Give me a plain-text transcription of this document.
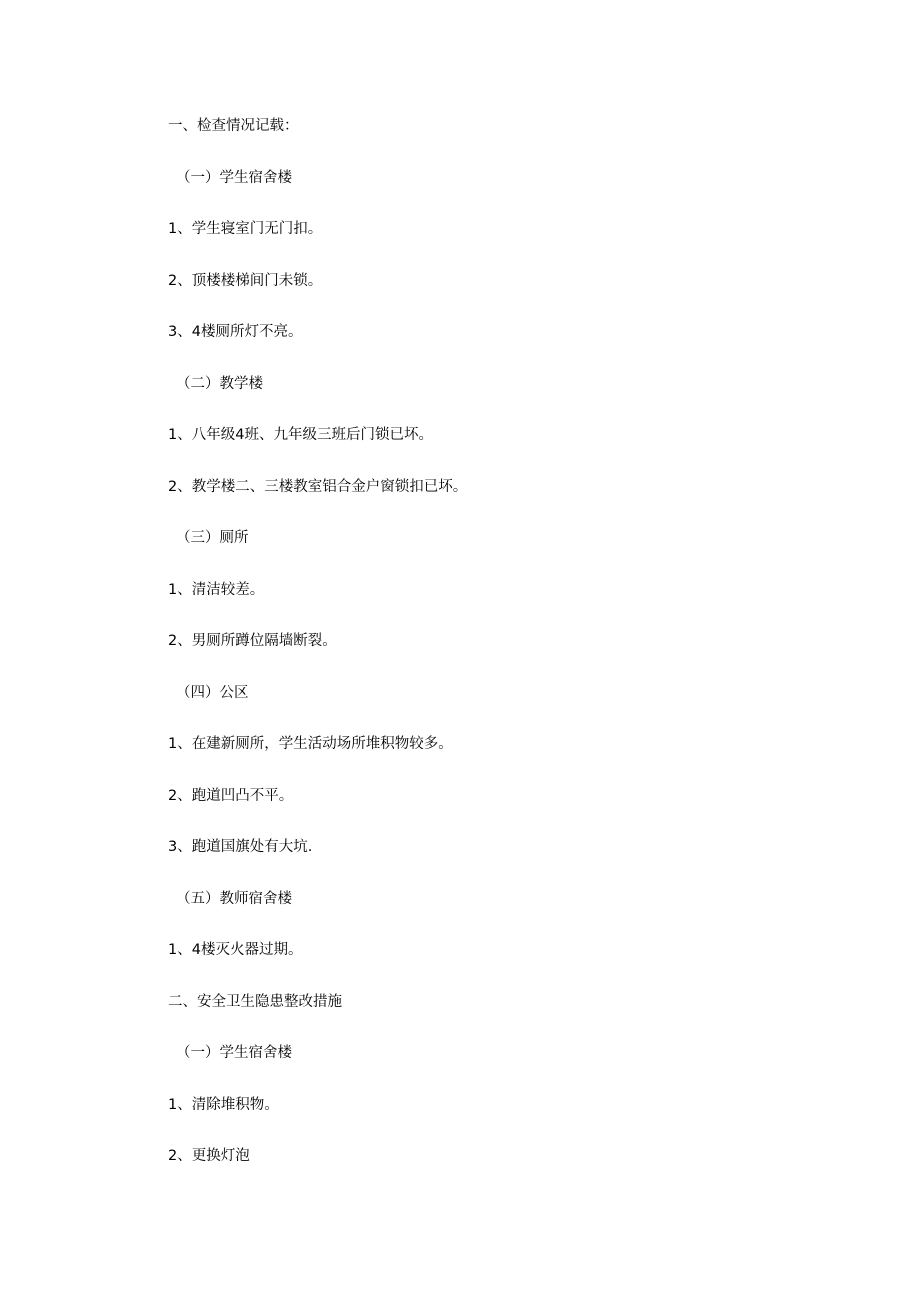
一、检查情况记载：
（一）学生宿舍楼
1、学生寝室门无门扣。
2、顶楼楼梯间门未锁。
3、4楼厕所灯不亮。
（二）教学楼
1、八年级4班、九年级三班后门锁已坏。
2、教学楼二、三楼教室铝合金户窗锁扣已坏。
（三）厕所
1、清洁较差。
2、男厕所蹲位隔墙断裂。
（四）公区
1、在建新厕所，学生活动场所堆积物较多。
2、跑道凹凸不平。
3、跑道国旗处有大坑.
（五）教师宿舍楼
1、4楼灭火器过期。
二、安全卫生隐患整改措施
（一）学生宿舍楼
1、清除堆积物。
2、更换灯泡
